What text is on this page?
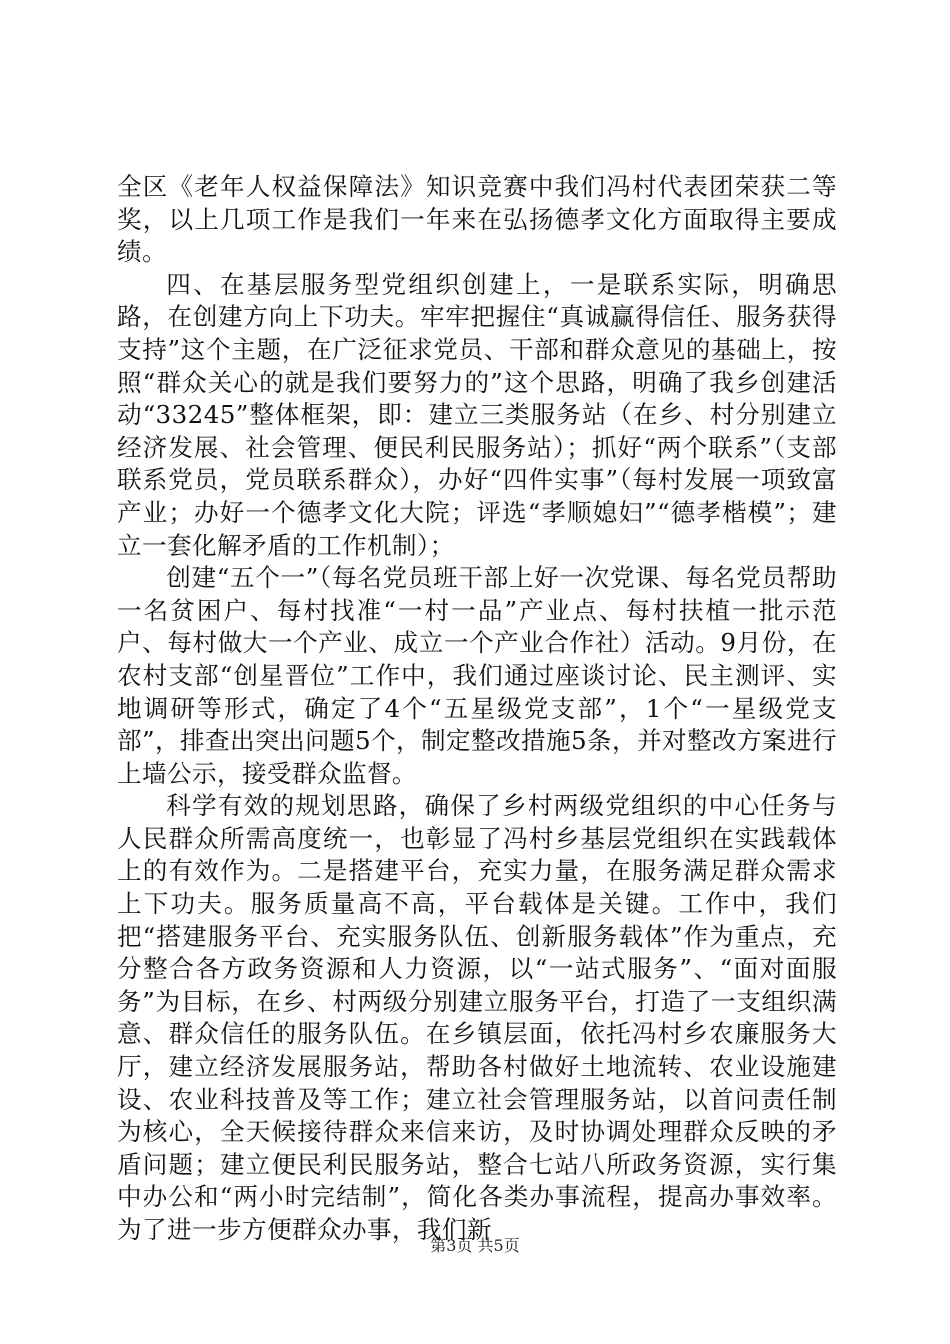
全区《老年人权益保障法》知识竞赛中我们冯村代表团荣获二等奖，以上几项工作是我们一年来在弘扬德孝文化方面取得主要成绩。

四、在基层服务型党组织创建上，一是联系实际，明确思路，在创建方向上下功夫。牢牢把握住“真诚赢得信任、服务获得支持”这个主题，在广泛征求党员、干部和群众意见的基础上，按照“群众关心的就是我们要努力的”这个思路，明确了我乡创建活动“33245”整体框架，即：建立三类服务站（在乡、村分别建立经济发展、社会管理、便民利民服务站）；抓好“两个联系”（支部联系党员，党员联系群众），办好“四件实事”（每村发展一项致富产业；办好一个德孝文化大院；评选“孝顺媳妇”“德孝楷模”；建立一套化解矛盾的工作机制）；

创建“五个一”（每名党员班干部上好一次党课、每名党员帮助一名贫困户、每村找准“一村一品”产业点、每村扶植一批示范户、每村做大一个产业、成立一个产业合作社）活动。9月份，在农村支部“创星晋位”工作中，我们通过座谈讨论、民主测评、实地调研等形式，确定了4个“五星级党支部”，1个“一星级党支部”，排查出突出问题5个，制定整改措施5条，并对整改方案进行上墙公示，接受群众监督。

科学有效的规划思路，确保了乡村两级党组织的中心任务与人民群众所需高度统一，也彰显了冯村乡基层党组织在实践载体上的有效作为。二是搭建平台，充实力量，在服务满足群众需求上下功夫。服务质量高不高，平台载体是关键。工作中，我们把“搭建服务平台、充实服务队伍、创新服务载体”作为重点，充分整合各方政务资源和人力资源，以“一站式服务”、“面对面服务”为目标，在乡、村两级分别建立服务平台，打造了一支组织满意、群众信任的服务队伍。在乡镇层面，依托冯村乡农廉服务大厅，建立经济发展服务站，帮助各村做好土地流转、农业设施建设、农业科技普及等工作；建立社会管理服务站，以首问责任制为核心，全天候接待群众来信来访，及时协调处理群众反映的矛盾问题；建立便民利民服务站，整合七站八所政务资源，实行集中办公和“两小时完结制”，简化各类办事流程，提高办事效率。为了进一步方便群众办事，我们新

第3页 共5页
